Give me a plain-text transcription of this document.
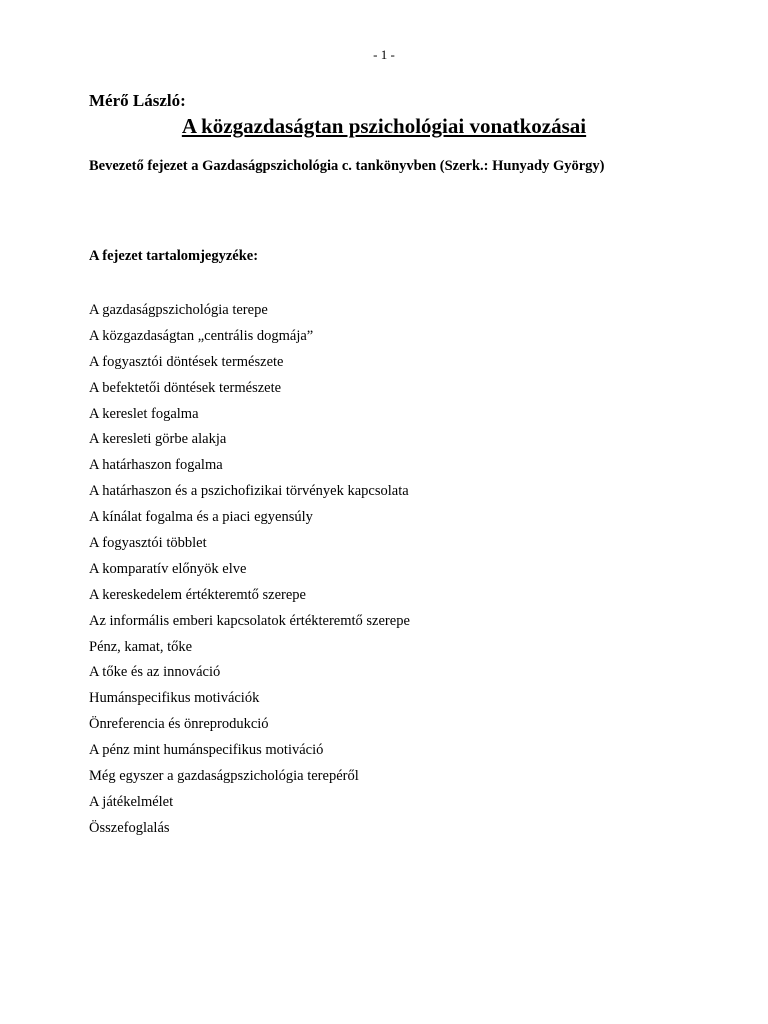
- 1 -

Mérő László:

A közgazdaságtan pszichológiai vonatkozásai

Bevezető fejezet a Gazdaságpszichológia c. tankönyvben (Szerk.: Hunyady György)

A fejezet tartalomjegyzéke:

A gazdaságpszichológia terepe
A közgazdaságtan „centrális dogmája”
A fogyasztói döntések természete
A befektetői döntések természete
A kereslet fogalma
A keresleti görbe alakja
A határhaszon fogalma
A határhaszon és a pszichofizikai törvények kapcsolata
A kínálat fogalma és a piaci egyensúly
A fogyasztói többlet
A komparatív előnyök elve
A kereskedelem értékteremtő szerepe
Az informális emberi kapcsolatok értékteremtő szerepe
Pénz, kamat, tőke
A tőke és az innováció
Humánspecifikus motivációk
Önreferencia és önreprodukció
A pénz mint humánspecifikus motiváció
Még egyszer a gazdaságpszichológia terepéről
A játékelmélet
Összefoglalás
